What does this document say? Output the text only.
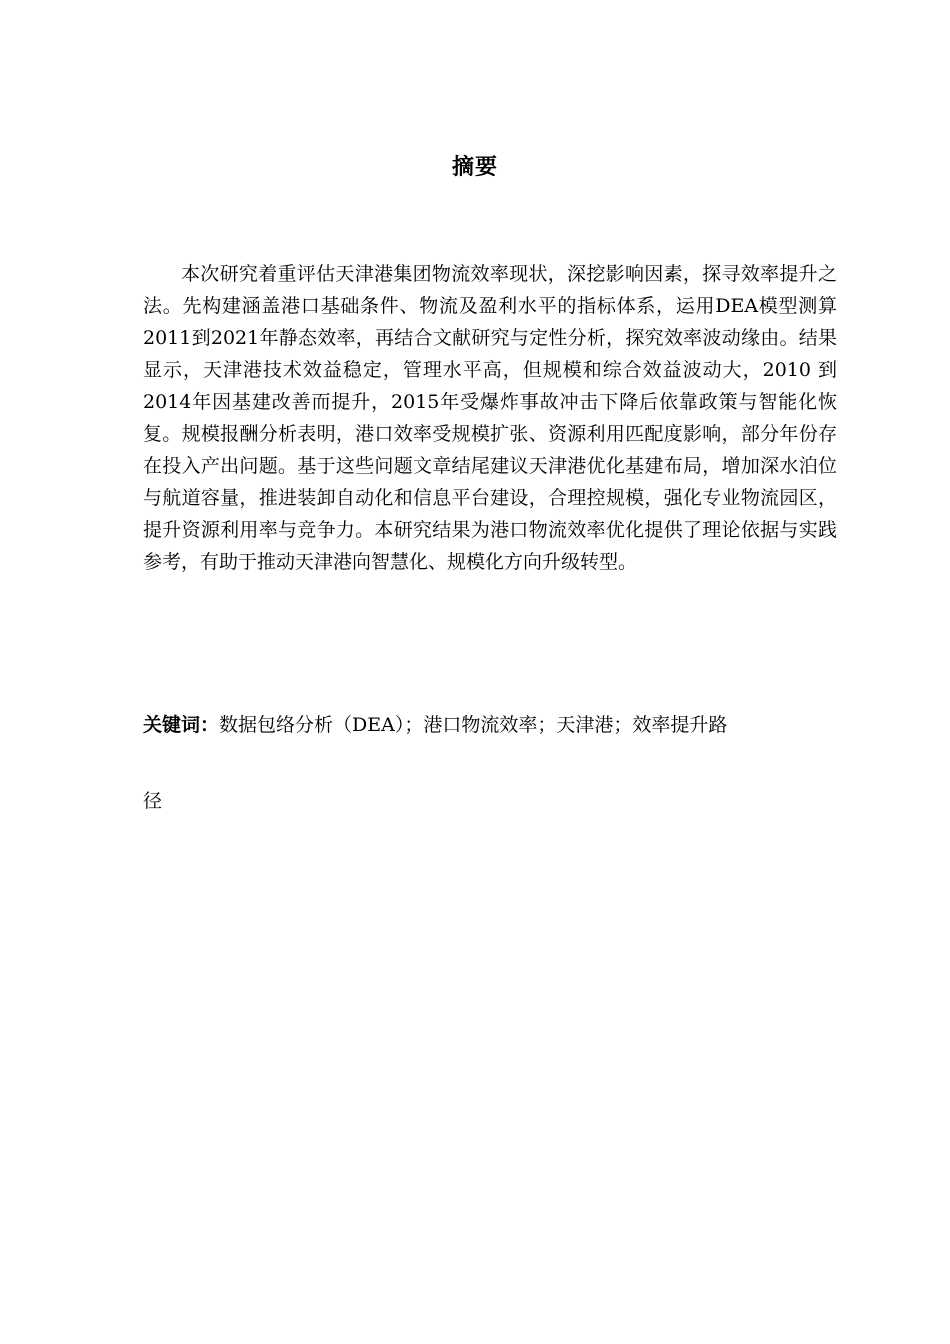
摘要

本次研究着重评估天津港集团物流效率现状，深挖影响因素，探寻效率提升之法。先构建涵盖港口基础条件、物流及盈利水平的指标体系，运用DEA模型测算2011到2021年静态效率，再结合文献研究与定性分析，探究效率波动缘由。结果显示，天津港技术效益稳定，管理水平高，但规模和综合效益波动大，2010 到2014年因基建改善而提升，2015年受爆炸事故冲击下降后依靠政策与智能化恢复。规模报酬分析表明，港口效率受规模扩张、资源利用匹配度影响，部分年份存在投入产出问题。基于这些问题文章结尾建议天津港优化基建布局，增加深水泊位与航道容量，推进装卸自动化和信息平台建设，合理控规模，强化专业物流园区，提升资源利用率与竞争力。本研究结果为港口物流效率优化提供了理论依据与实践参考，有助于推动天津港向智慧化、规模化方向升级转型。

关键词：数据包络分析（DEA）；港口物流效率；天津港；效率提升路

径
